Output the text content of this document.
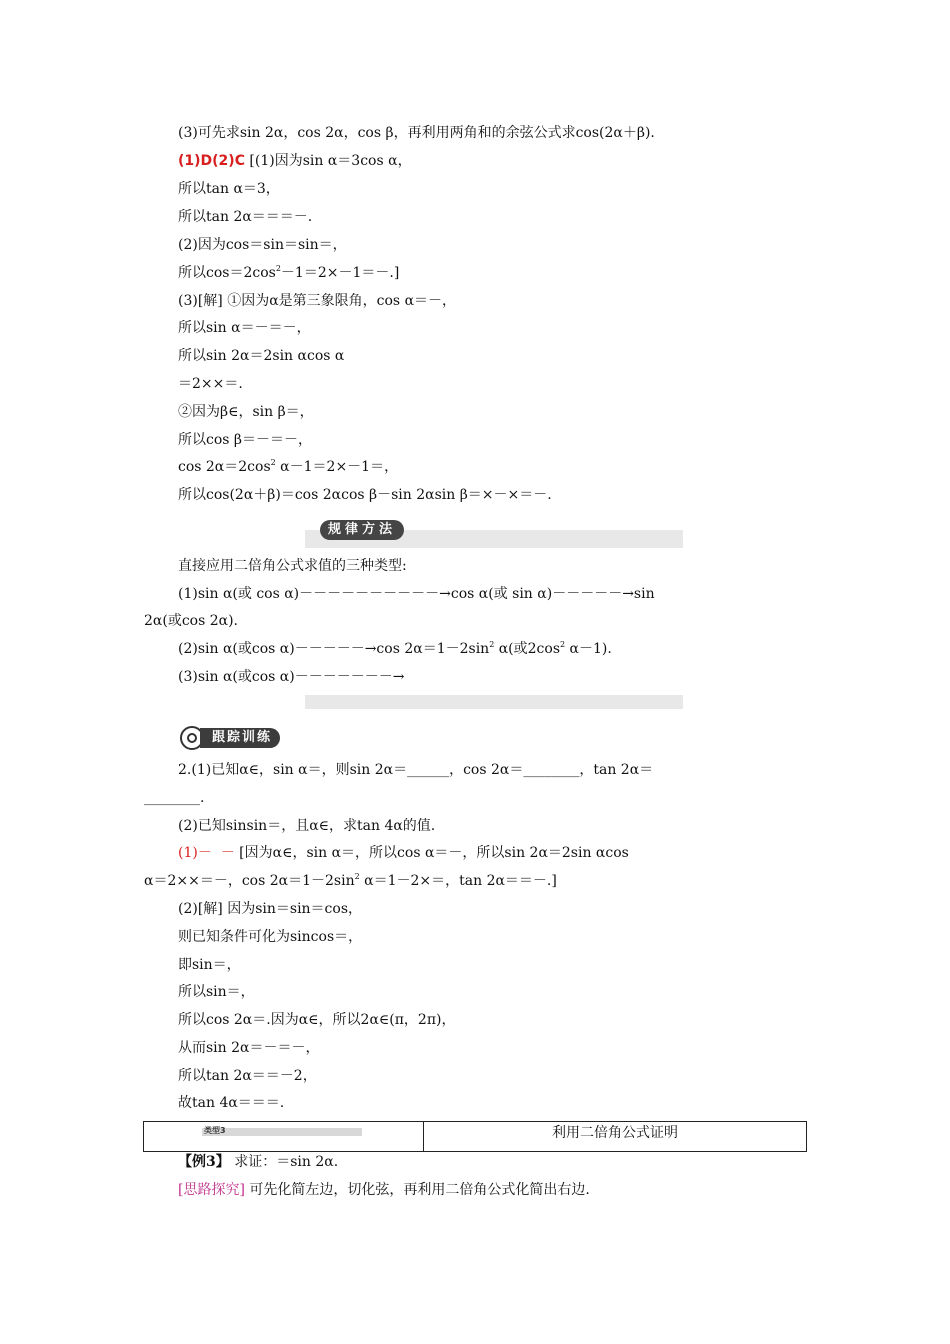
(3)可先求sin 2α，cos 2α，cos β，再利用两角和的余弦公式求cos(2α＋β).
(1)D(2)C [(1)因为sin α＝3cos α，
所以tan α＝3，
所以tan 2α＝＝＝－.
(2)因为cos＝sin＝sin＝，
所以$\cos=2\cos^2-1=2\times-1=-$.]
(3)[解] ①因为α是第三象限角，cos α＝－，
所以sin α＝－＝－，
所以sin 2α＝2sin αcos α
＝2××＝.
②因为β∈，sin β＝，
所以cos β＝－＝－，
$\cos 2\alpha=2\cos^2$ α－1＝2×－1＝，
所以cos(2α＋β)＝cos 2αcos β－sin 2αsin β＝×－×＝－.
规律方法
直接应用二倍角公式求值的三种类型:
(1)sin α(或 cos α)－－－－－－－－－－→cos α(或 sin α)－－－－－→sin
2α(或cos 2α).
(2)sin α(或cos α)－－－－－→cos $2\alpha=1-2\sin^2$ α(或$2\cos^2$ α－1).
(3)sin α(或cos α)－－－－－－－→
跟踪训练
2.(1)已知α∈，sin α＝，则sin 2α＝______，cos 2α＝________，tan 2α＝
________.
(2)已知sinsin＝，且α∈，求tan 4α的值.
(1)－  － [因为α∈，sin α＝，所以cos α＝－，所以sin 2α＝2sin αcos
α＝2××＝－，$\cos 2\alpha=1-2\sin^2$ α＝1－2×＝，tan 2α＝＝－.]
(2)[解] 因为sin＝sin＝cos，
则已知条件可化为sincos＝，
即sin＝，
所以sin＝，
所以cos 2α＝.因为α∈，所以2α∈(π，2π)，
从而sin 2α＝－＝－，
所以tan 2α＝＝－2，
故tan 4α＝＝＝.
类型3	利用二倍角公式证明
【例3】 求证：＝sin 2α.
[思路探究] 可先化简左边，切化弦，再利用二倍角公式化简出右边.
